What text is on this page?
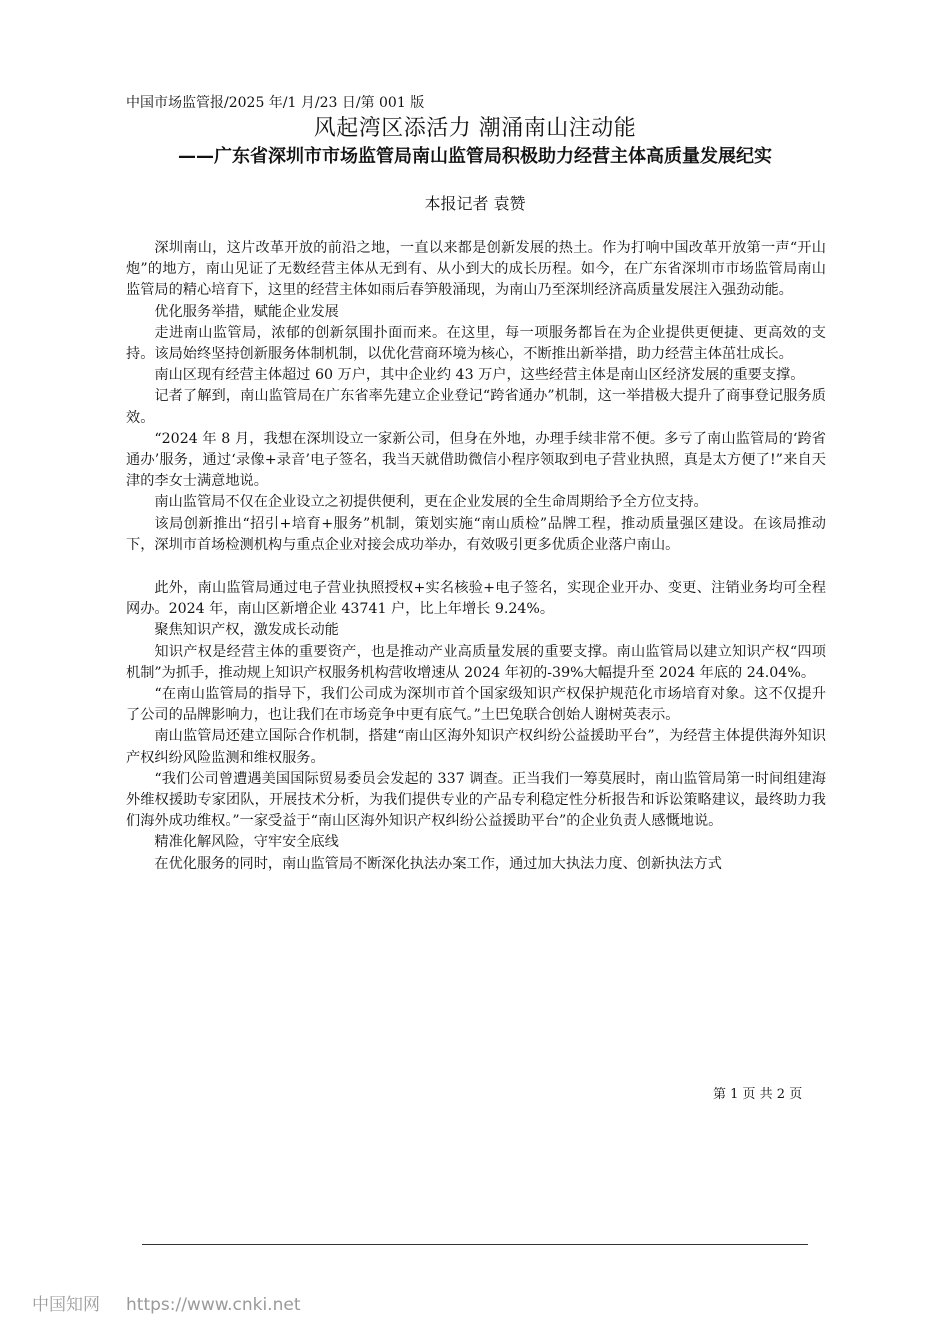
中国市场监管报/2025 年/1 月/23 日/第 001 版
风起湾区添活力 潮涌南山注动能
——广东省深圳市市场监管局南山监管局积极助力经营主体高质量发展纪实
本报记者 袁赞

深圳南山，这片改革开放的前沿之地，一直以来都是创新发展的热土。作为打响中国改革开放第一声“开山炮”的地方，南山见证了无数经营主体从无到有、从小到大的成长历程。如今，在广东省深圳市市场监管局南山监管局的精心培育下，这里的经营主体如雨后春笋般涌现，为南山乃至深圳经济高质量发展注入强劲动能。

优化服务举措，赋能企业发展

走进南山监管局，浓郁的创新氛围扑面而来。在这里，每一项服务都旨在为企业提供更便捷、更高效的支持。该局始终坚持创新服务体制机制，以优化营商环境为核心，不断推出新举措，助力经营主体茁壮成长。

南山区现有经营主体超过 60 万户，其中企业约 43 万户，这些经营主体是南山区经济发展的重要支撑。

记者了解到，南山监管局在广东省率先建立企业登记“跨省通办”机制，这一举措极大提升了商事登记服务质效。

“2024 年 8 月，我想在深圳设立一家新公司，但身在外地，办理手续非常不便。多亏了南山监管局的‘跨省通办’服务，通过‘录像+录音’电子签名，我当天就借助微信小程序领取到电子营业执照，真是太方便了!”来自天津的李女士满意地说。

南山监管局不仅在企业设立之初提供便利，更在企业发展的全生命周期给予全方位支持。

该局创新推出“招引+培育+服务”机制，策划实施“南山质检”品牌工程，推动质量强区建设。在该局推动下，深圳市首场检测机构与重点企业对接会成功举办，有效吸引更多优质企业落户南山。

此外，南山监管局通过电子营业执照授权+实名核验+电子签名，实现企业开办、变更、注销业务均可全程网办。2024 年，南山区新增企业 43741 户，比上年增长 9.24%。

聚焦知识产权，激发成长动能

知识产权是经营主体的重要资产，也是推动产业高质量发展的重要支撑。南山监管局以建立知识产权“四项机制”为抓手，推动规上知识产权服务机构营收增速从 2024 年初的-39%大幅提升至 2024 年底的 24.04%。

“在南山监管局的指导下，我们公司成为深圳市首个国家级知识产权保护规范化市场培育对象。这不仅提升了公司的品牌影响力，也让我们在市场竞争中更有底气。”土巴兔联合创始人谢树英表示。

南山监管局还建立国际合作机制，搭建“南山区海外知识产权纠纷公益援助平台”，为经营主体提供海外知识产权纠纷风险监测和维权服务。

“我们公司曾遭遇美国国际贸易委员会发起的 337 调查。正当我们一筹莫展时，南山监管局第一时间组建海外维权援助专家团队，开展技术分析，为我们提供专业的产品专利稳定性分析报告和诉讼策略建议，最终助力我们海外成功维权。”一家受益于“南山区海外知识产权纠纷公益援助平台”的企业负责人感慨地说。

精准化解风险，守牢安全底线

在优化服务的同时，南山监管局不断深化执法办案工作，通过加大执法力度、创新执法方式

第 1 页 共 2 页
中国知网 https://www.cnki.net
